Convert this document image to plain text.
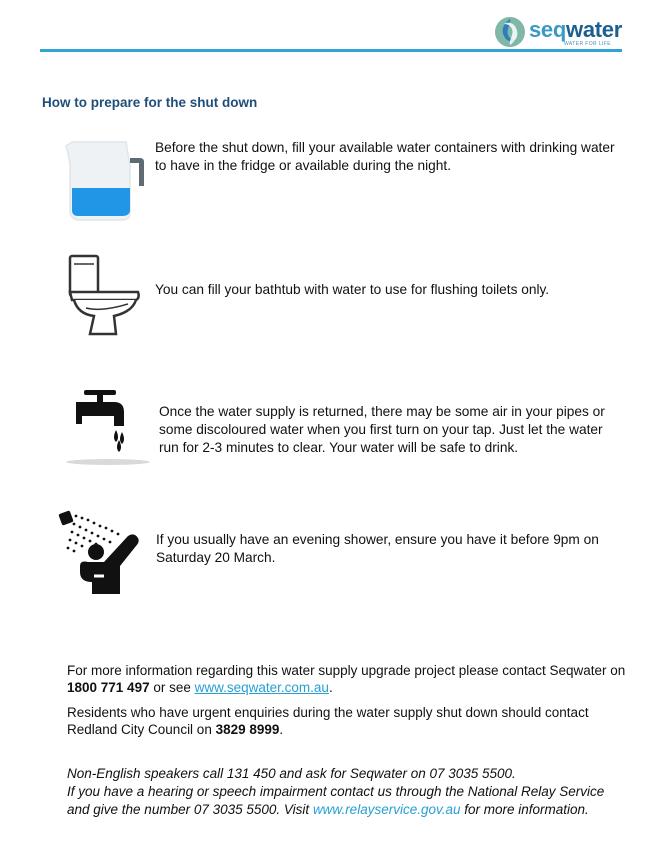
seqwater
WATER FOR LIFE
How to prepare for the shut down
Before the shut down, fill your available water containers with drinking water to have in the fridge or available during the night.
You can fill your bathtub with water to use for flushing toilets only.
Once the water supply is returned, there may be some air in your pipes or some discoloured water when you first turn on your tap. Just let the water run for 2-3 minutes to clear. Your water will be safe to drink.
If you usually have an evening shower, ensure you have it before 9pm on Saturday 20 March.
For more information regarding this water supply upgrade project please contact Seqwater on 1800 771 497 or see www.seqwater.com.au.
Residents who have urgent enquiries during the water supply shut down should contact Redland City Council on 3829 8999.
Non-English speakers call 131 450 and ask for Seqwater on 07 3035 5500.
If you have a hearing or speech impairment contact us through the National Relay Service and give the number 07 3035 5500. Visit www.relayservice.gov.au for more information.
